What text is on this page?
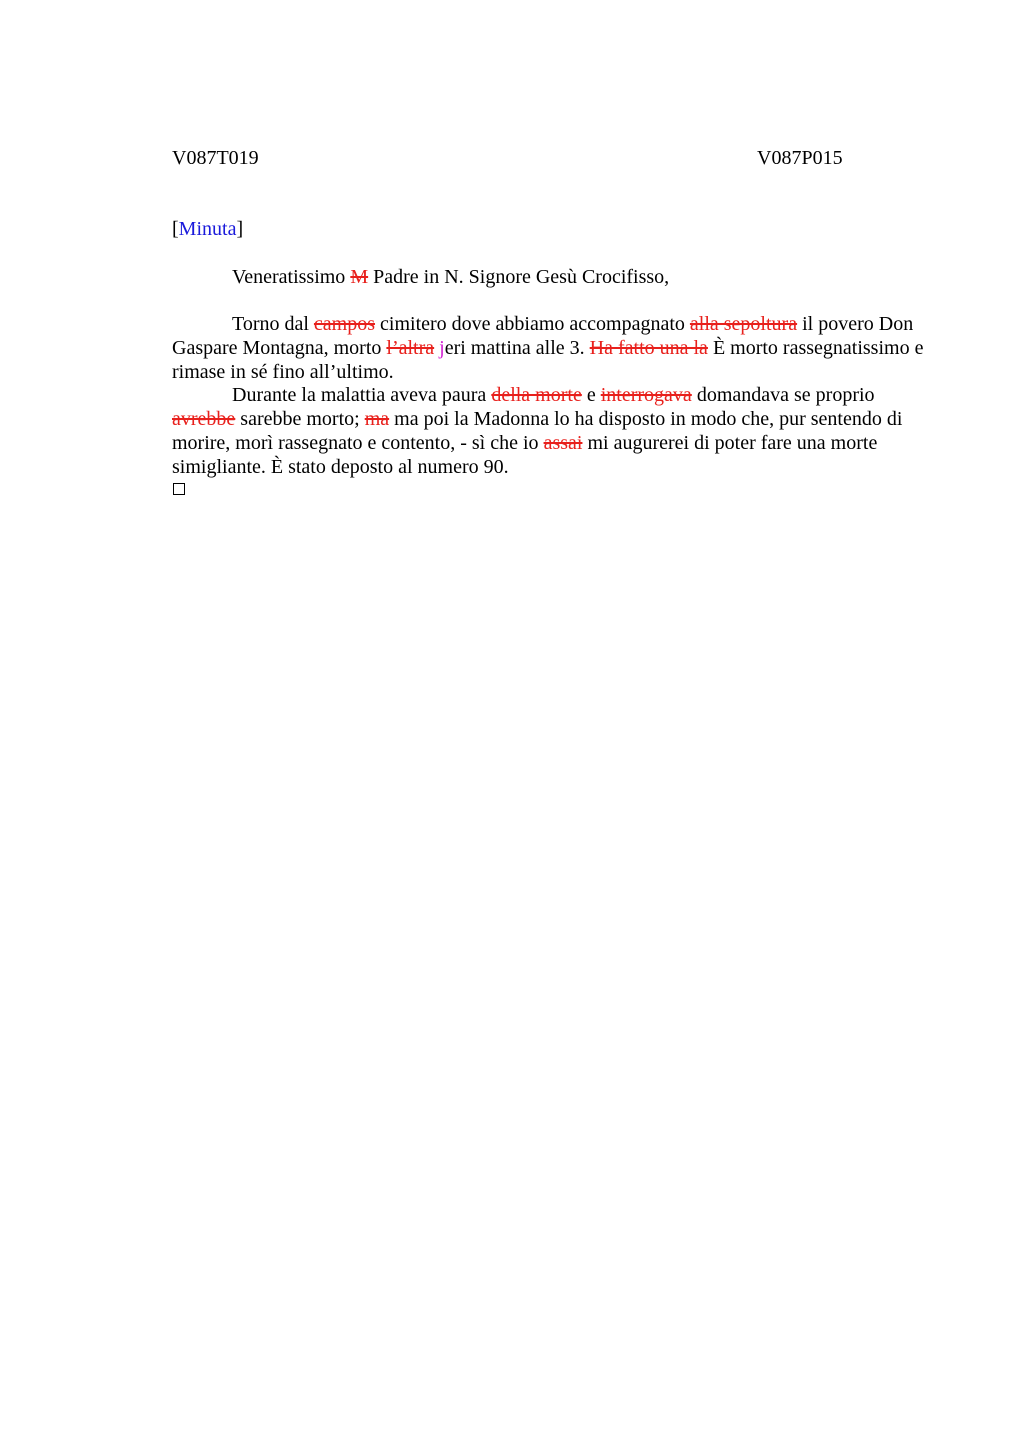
V087T019	V087P015
[Minuta]
Veneratissimo M Padre in N. Signore Gesù Crocifisso,

Torno dal campos cimitero dove abbiamo accompagnato alla sepoltura il povero Don Gaspare Montagna, morto l’altra jeri mattina alle 3. Ha fatto una la È morto rassegnatissimo e rimase in sé fino all’ultimo.

Durante la malattia aveva paura della morte e interrogava domandava se proprio avrebbe sarebbe morto; ma ma poi la Madonna lo ha disposto in modo che, pur sentendo di morire, morì rassegnato e contento, - sì che io assai mi augurerei di poter fare una morte simigliante. È stato deposto al numero 90.
